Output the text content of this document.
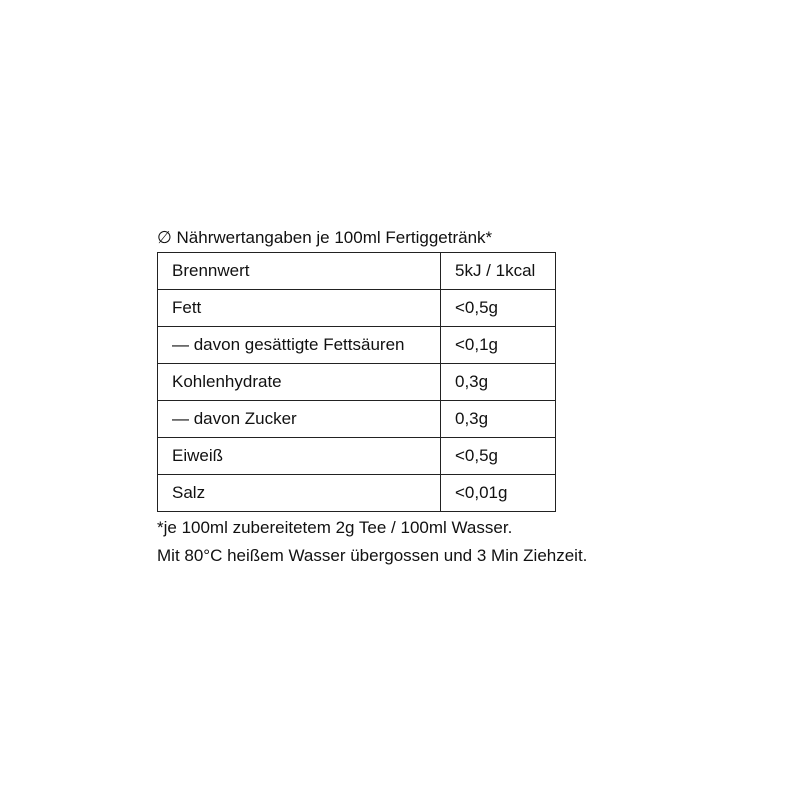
∅ Nährwertangaben je 100ml Fertiggetränk*
Brennwert	5kJ / 1kcal
Fett	<0,5g
— davon gesättigte Fettsäuren	<0,1g
Kohlenhydrate	0,3g
— davon Zucker	0,3g
Eiweiß	<0,5g
Salz	<0,01g
*je 100ml zubereitetem 2g Tee / 100ml Wasser.
Mit 80°C heißem Wasser übergossen und 3 Min Ziehzeit.
